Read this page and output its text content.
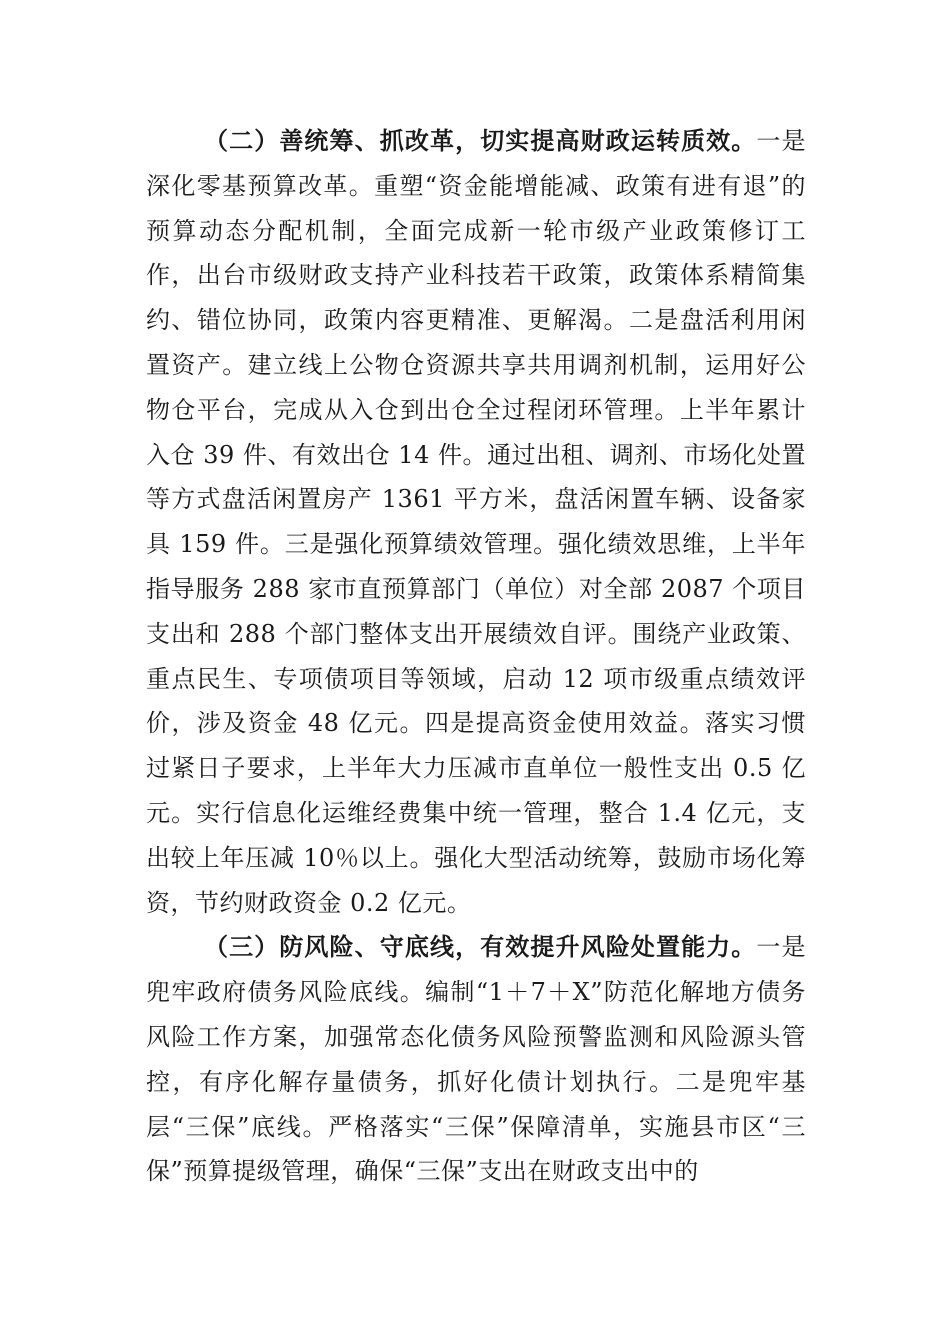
（二）善统筹、抓改革，切实提高财政运转质效。一是深化零基预算改革。重塑“资金能增能减、政策有进有退”的预算动态分配机制，全面完成新一轮市级产业政策修订工作，出台市级财政支持产业科技若干政策，政策体系精简集约、错位协同，政策内容更精准、更解渴。二是盘活利用闲置资产。建立线上公物仓资源共享共用调剂机制，运用好公物仓平台，完成从入仓到出仓全过程闭环管理。上半年累计入仓 39 件、有效出仓 14 件。通过出租、调剂、市场化处置等方式盘活闲置房产 1361 平方米，盘活闲置车辆、设备家具 159 件。三是强化预算绩效管理。强化绩效思维，上半年指导服务 288 家市直预算部门（单位）对全部 2087 个项目支出和 288 个部门整体支出开展绩效自评。围绕产业政策、重点民生、专项债项目等领域，启动 12 项市级重点绩效评价，涉及资金 48 亿元。四是提高资金使用效益。落实习惯过紧日子要求，上半年大力压减市直单位一般性支出 0.5 亿元。实行信息化运维经费集中统一管理，整合 1.4 亿元，支出较上年压减 10％以上。强化大型活动统筹，鼓励市场化筹资，节约财政资金 0.2 亿元。

（三）防风险、守底线，有效提升风险处置能力。一是兜牢政府债务风险底线。编制“1＋7＋X”防范化解地方债务风险工作方案，加强常态化债务风险预警监测和风险源头管控，有序化解存量债务，抓好化债计划执行。二是兜牢基层“三保”底线。严格落实“三保”保障清单，实施县市区“三保”预算提级管理，确保“三保”支出在财政支出中的
